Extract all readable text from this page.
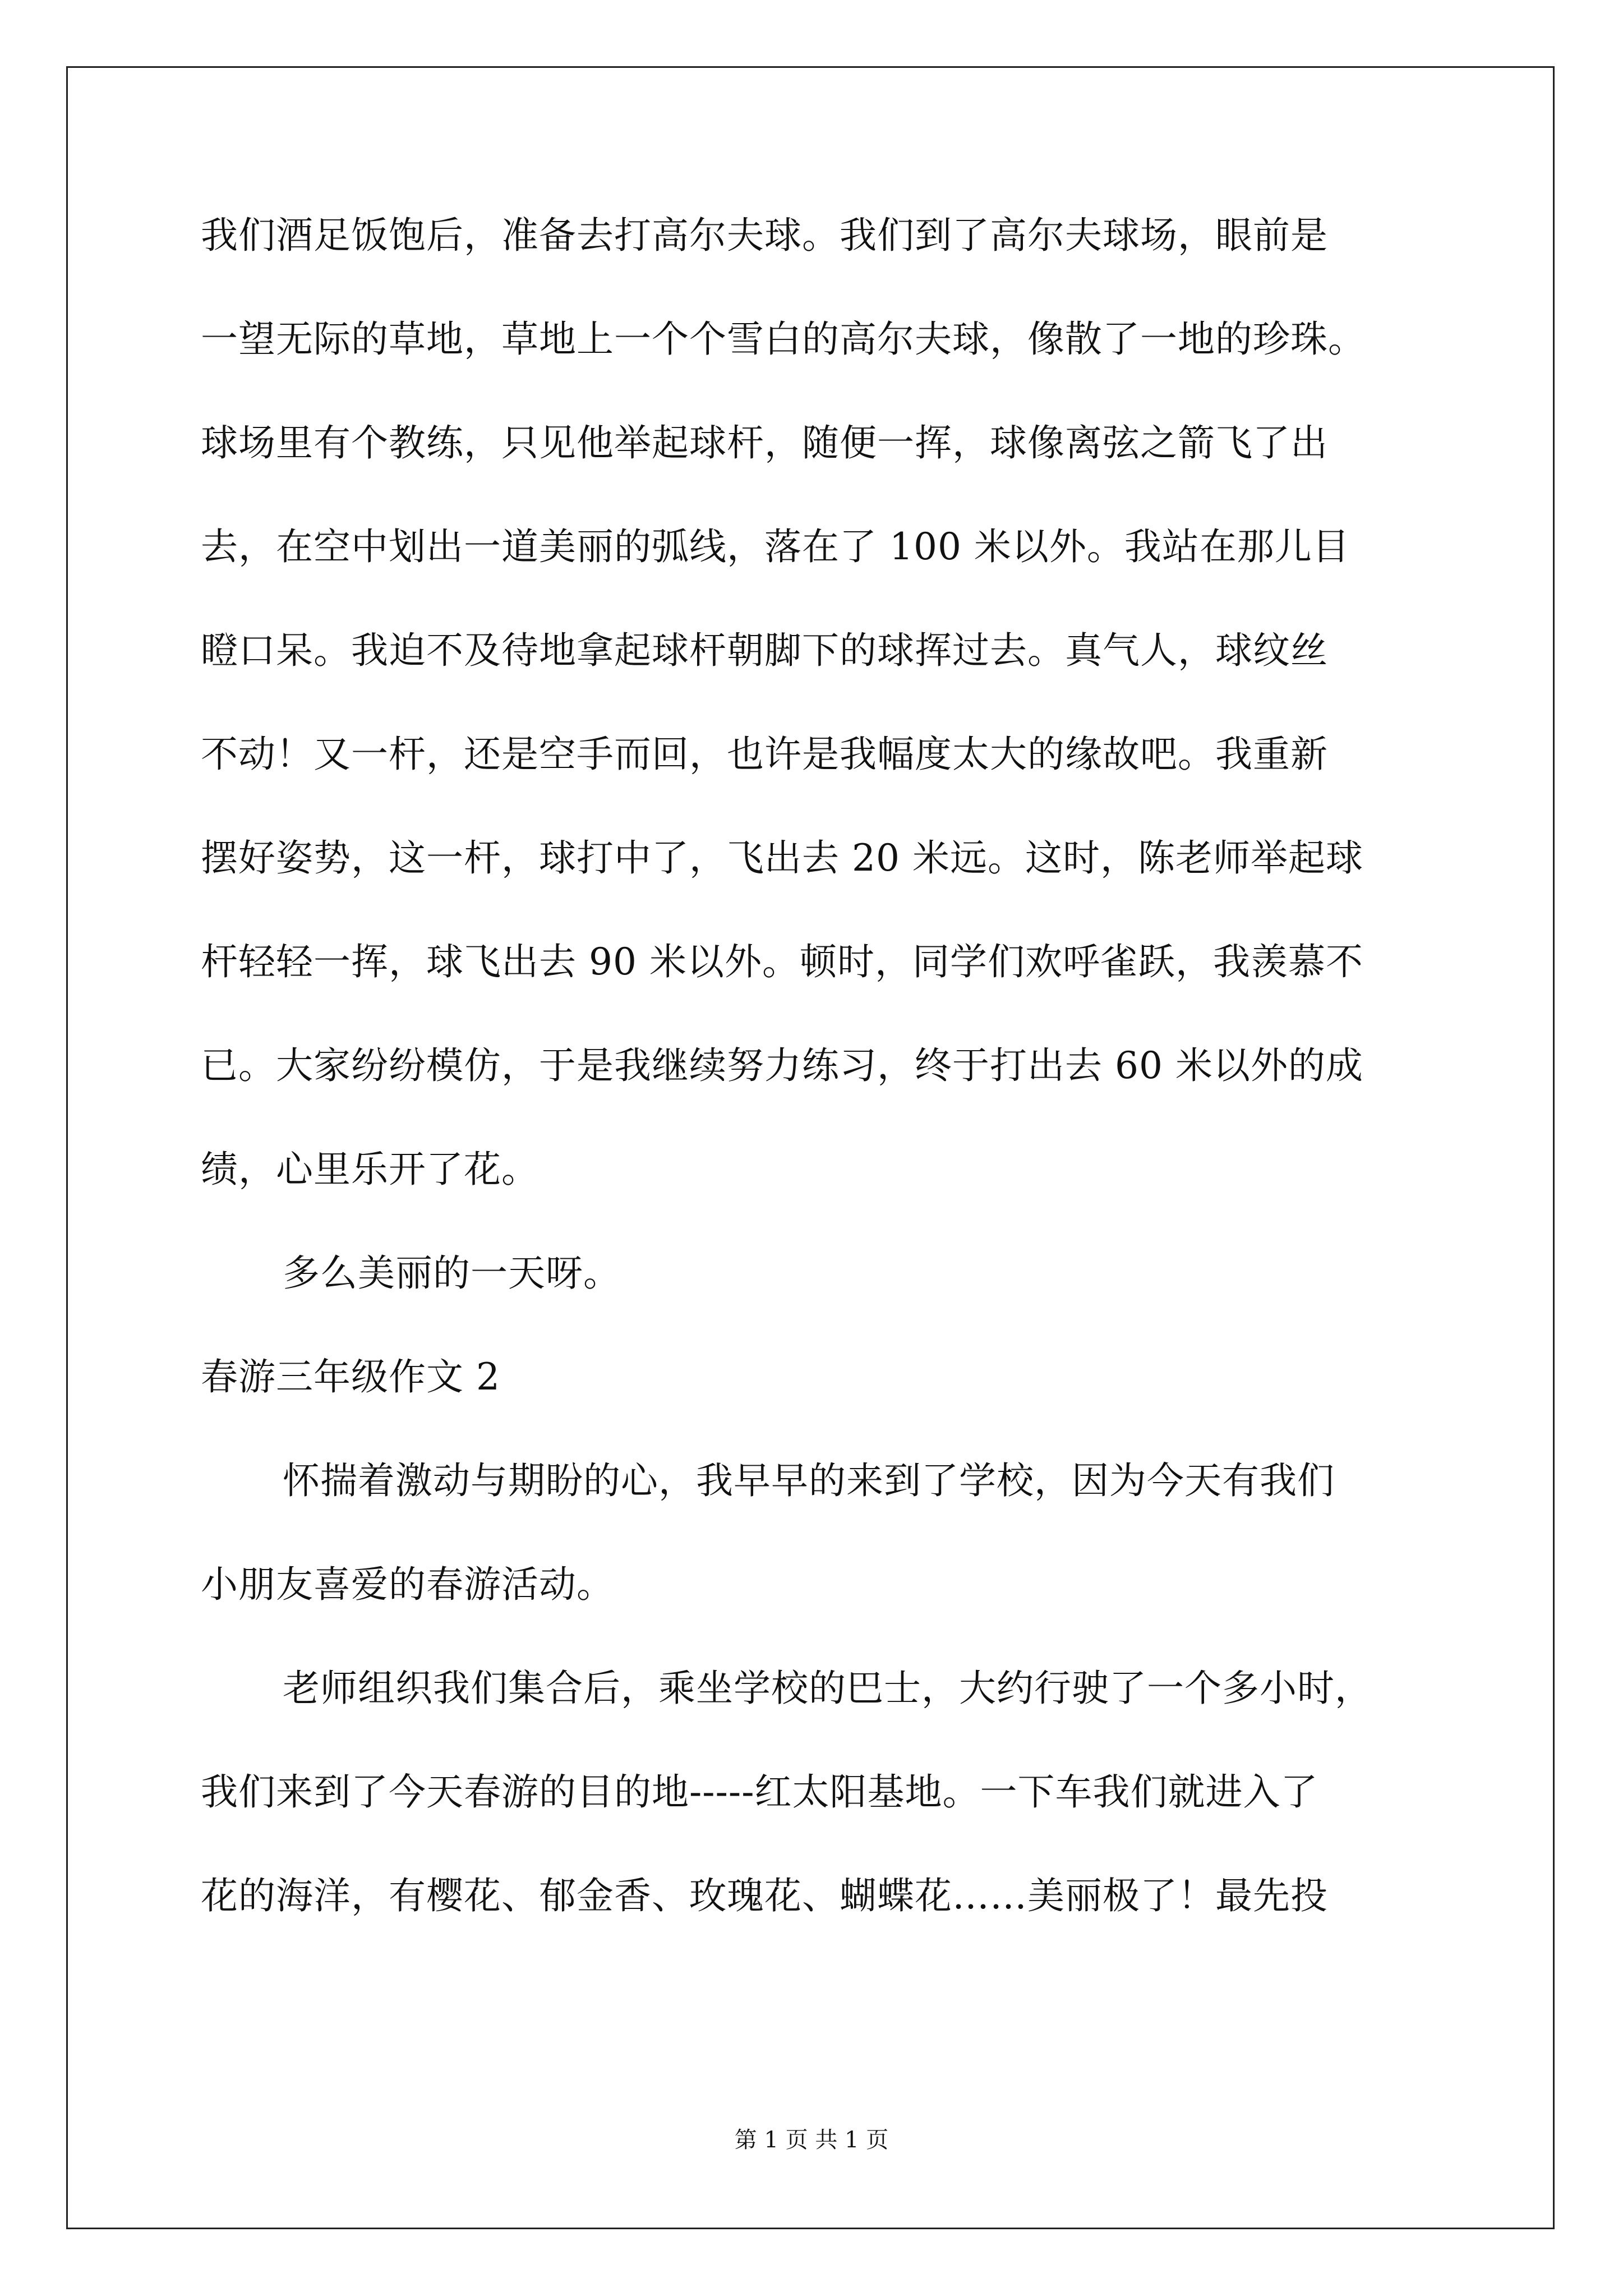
我们酒足饭饱后，准备去打高尔夫球。我们到了高尔夫球场，眼前是
一望无际的草地，草地上一个个雪白的高尔夫球，像散了一地的珍珠。
球场里有个教练，只见他举起球杆，随便一挥，球像离弦之箭飞了出
去，在空中划出一道美丽的弧线，落在了 100 米以外。我站在那儿目
瞪口呆。我迫不及待地拿起球杆朝脚下的球挥过去。真气人，球纹丝
不动！又一杆，还是空手而回，也许是我幅度太大的缘故吧。我重新
摆好姿势，这一杆，球打中了，飞出去 20 米远。这时，陈老师举起球
杆轻轻一挥，球飞出去 90 米以外。顿时，同学们欢呼雀跃，我羡慕不
已。大家纷纷模仿，于是我继续努力练习，终于打出去 60 米以外的成
绩，心里乐开了花。
多么美丽的一天呀。
春游三年级作文 2
怀揣着激动与期盼的心，我早早的来到了学校，因为今天有我们
小朋友喜爱的春游活动。
老师组织我们集合后，乘坐学校的巴士，大约行驶了一个多小时，
我们来到了今天春游的目的地-----红太阳基地。一下车我们就进入了
花的海洋，有樱花、郁金香、玫瑰花、蝴蝶花……美丽极了！最先投
第 1 页 共 1 页
